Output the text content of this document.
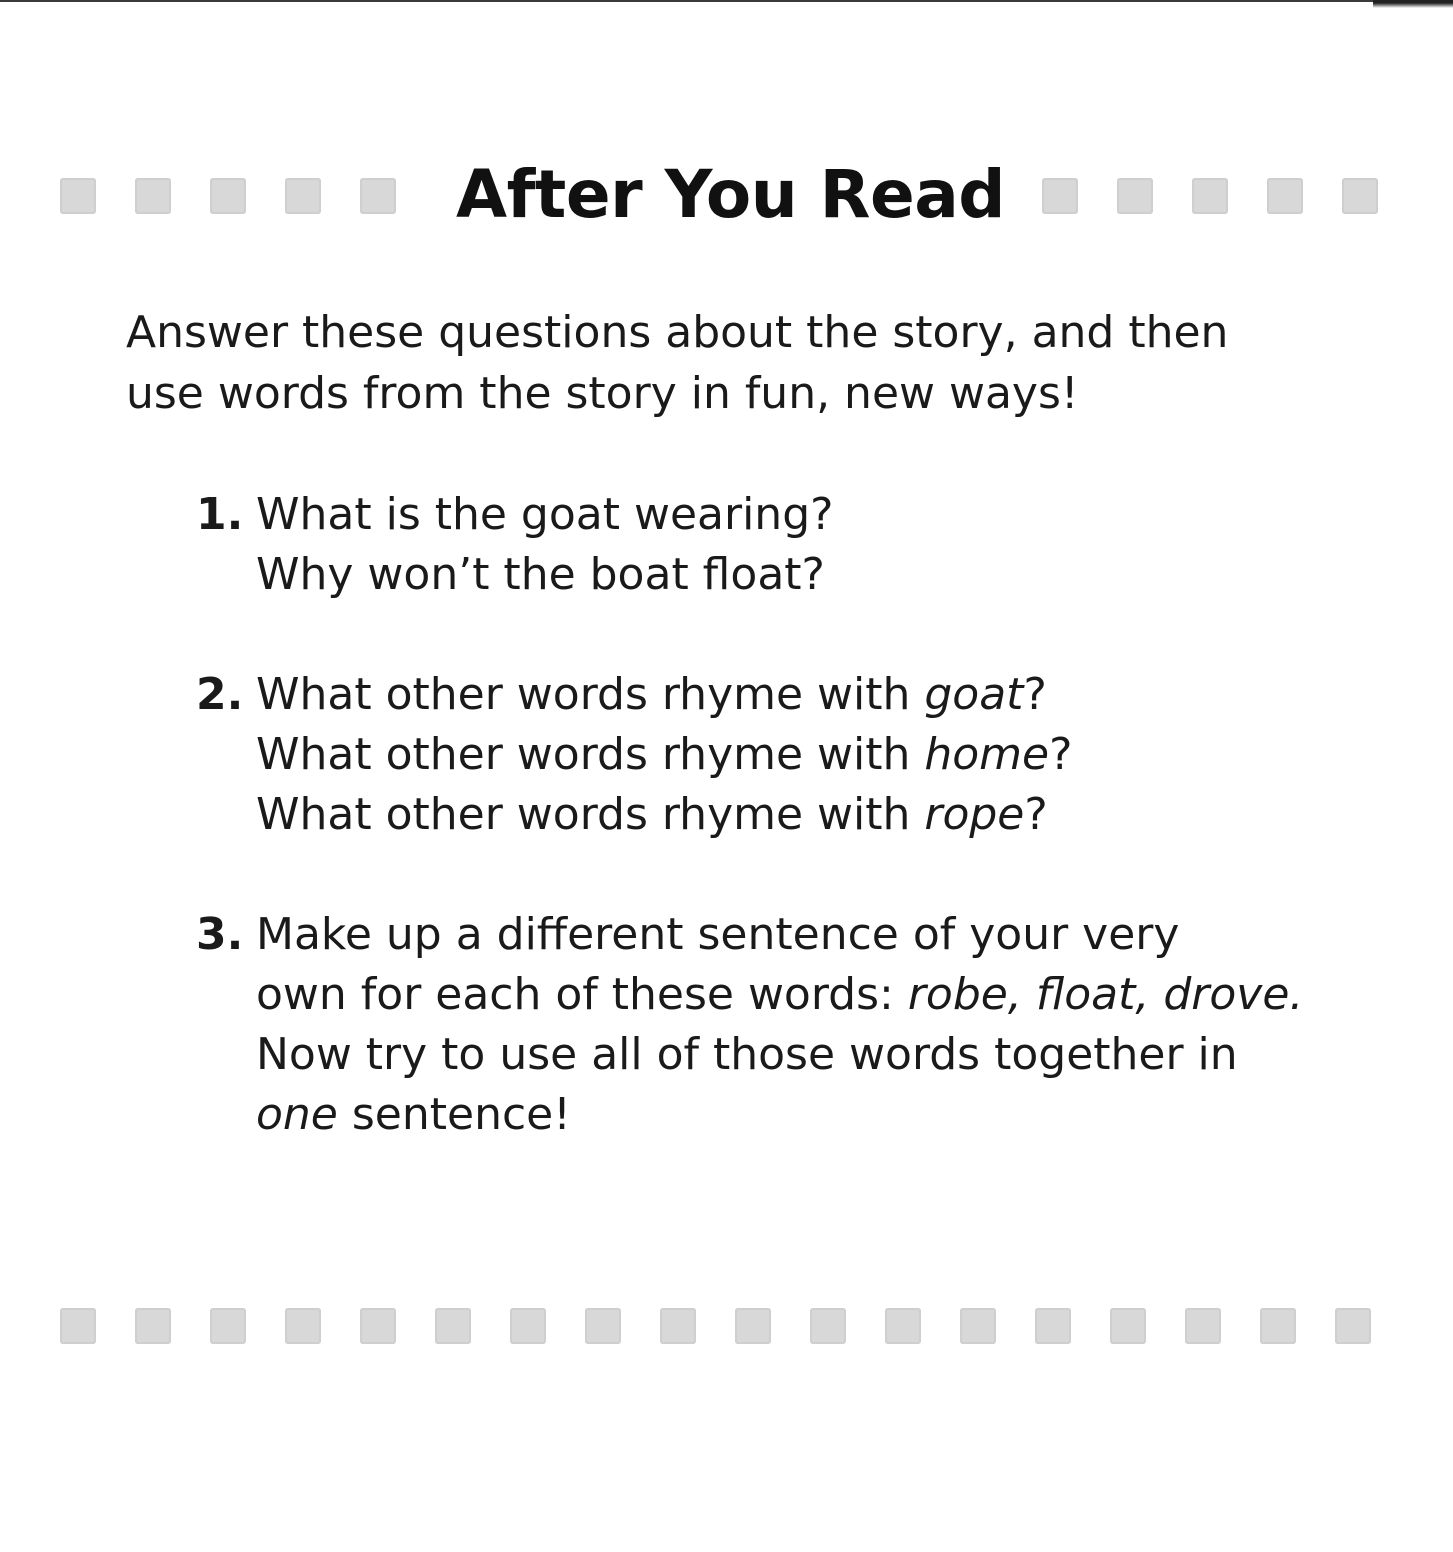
After You Read
Answer these questions about the story, and then
use words from the story in fun, new ways!
1. What is the goat wearing?
Why won’t the boat float?
2. What other words rhyme with goat?
What other words rhyme with home?
What other words rhyme with rope?
3. Make up a different sentence of your very
own for each of these words: robe, float, drove.
Now try to use all of those words together in
one sentence!
